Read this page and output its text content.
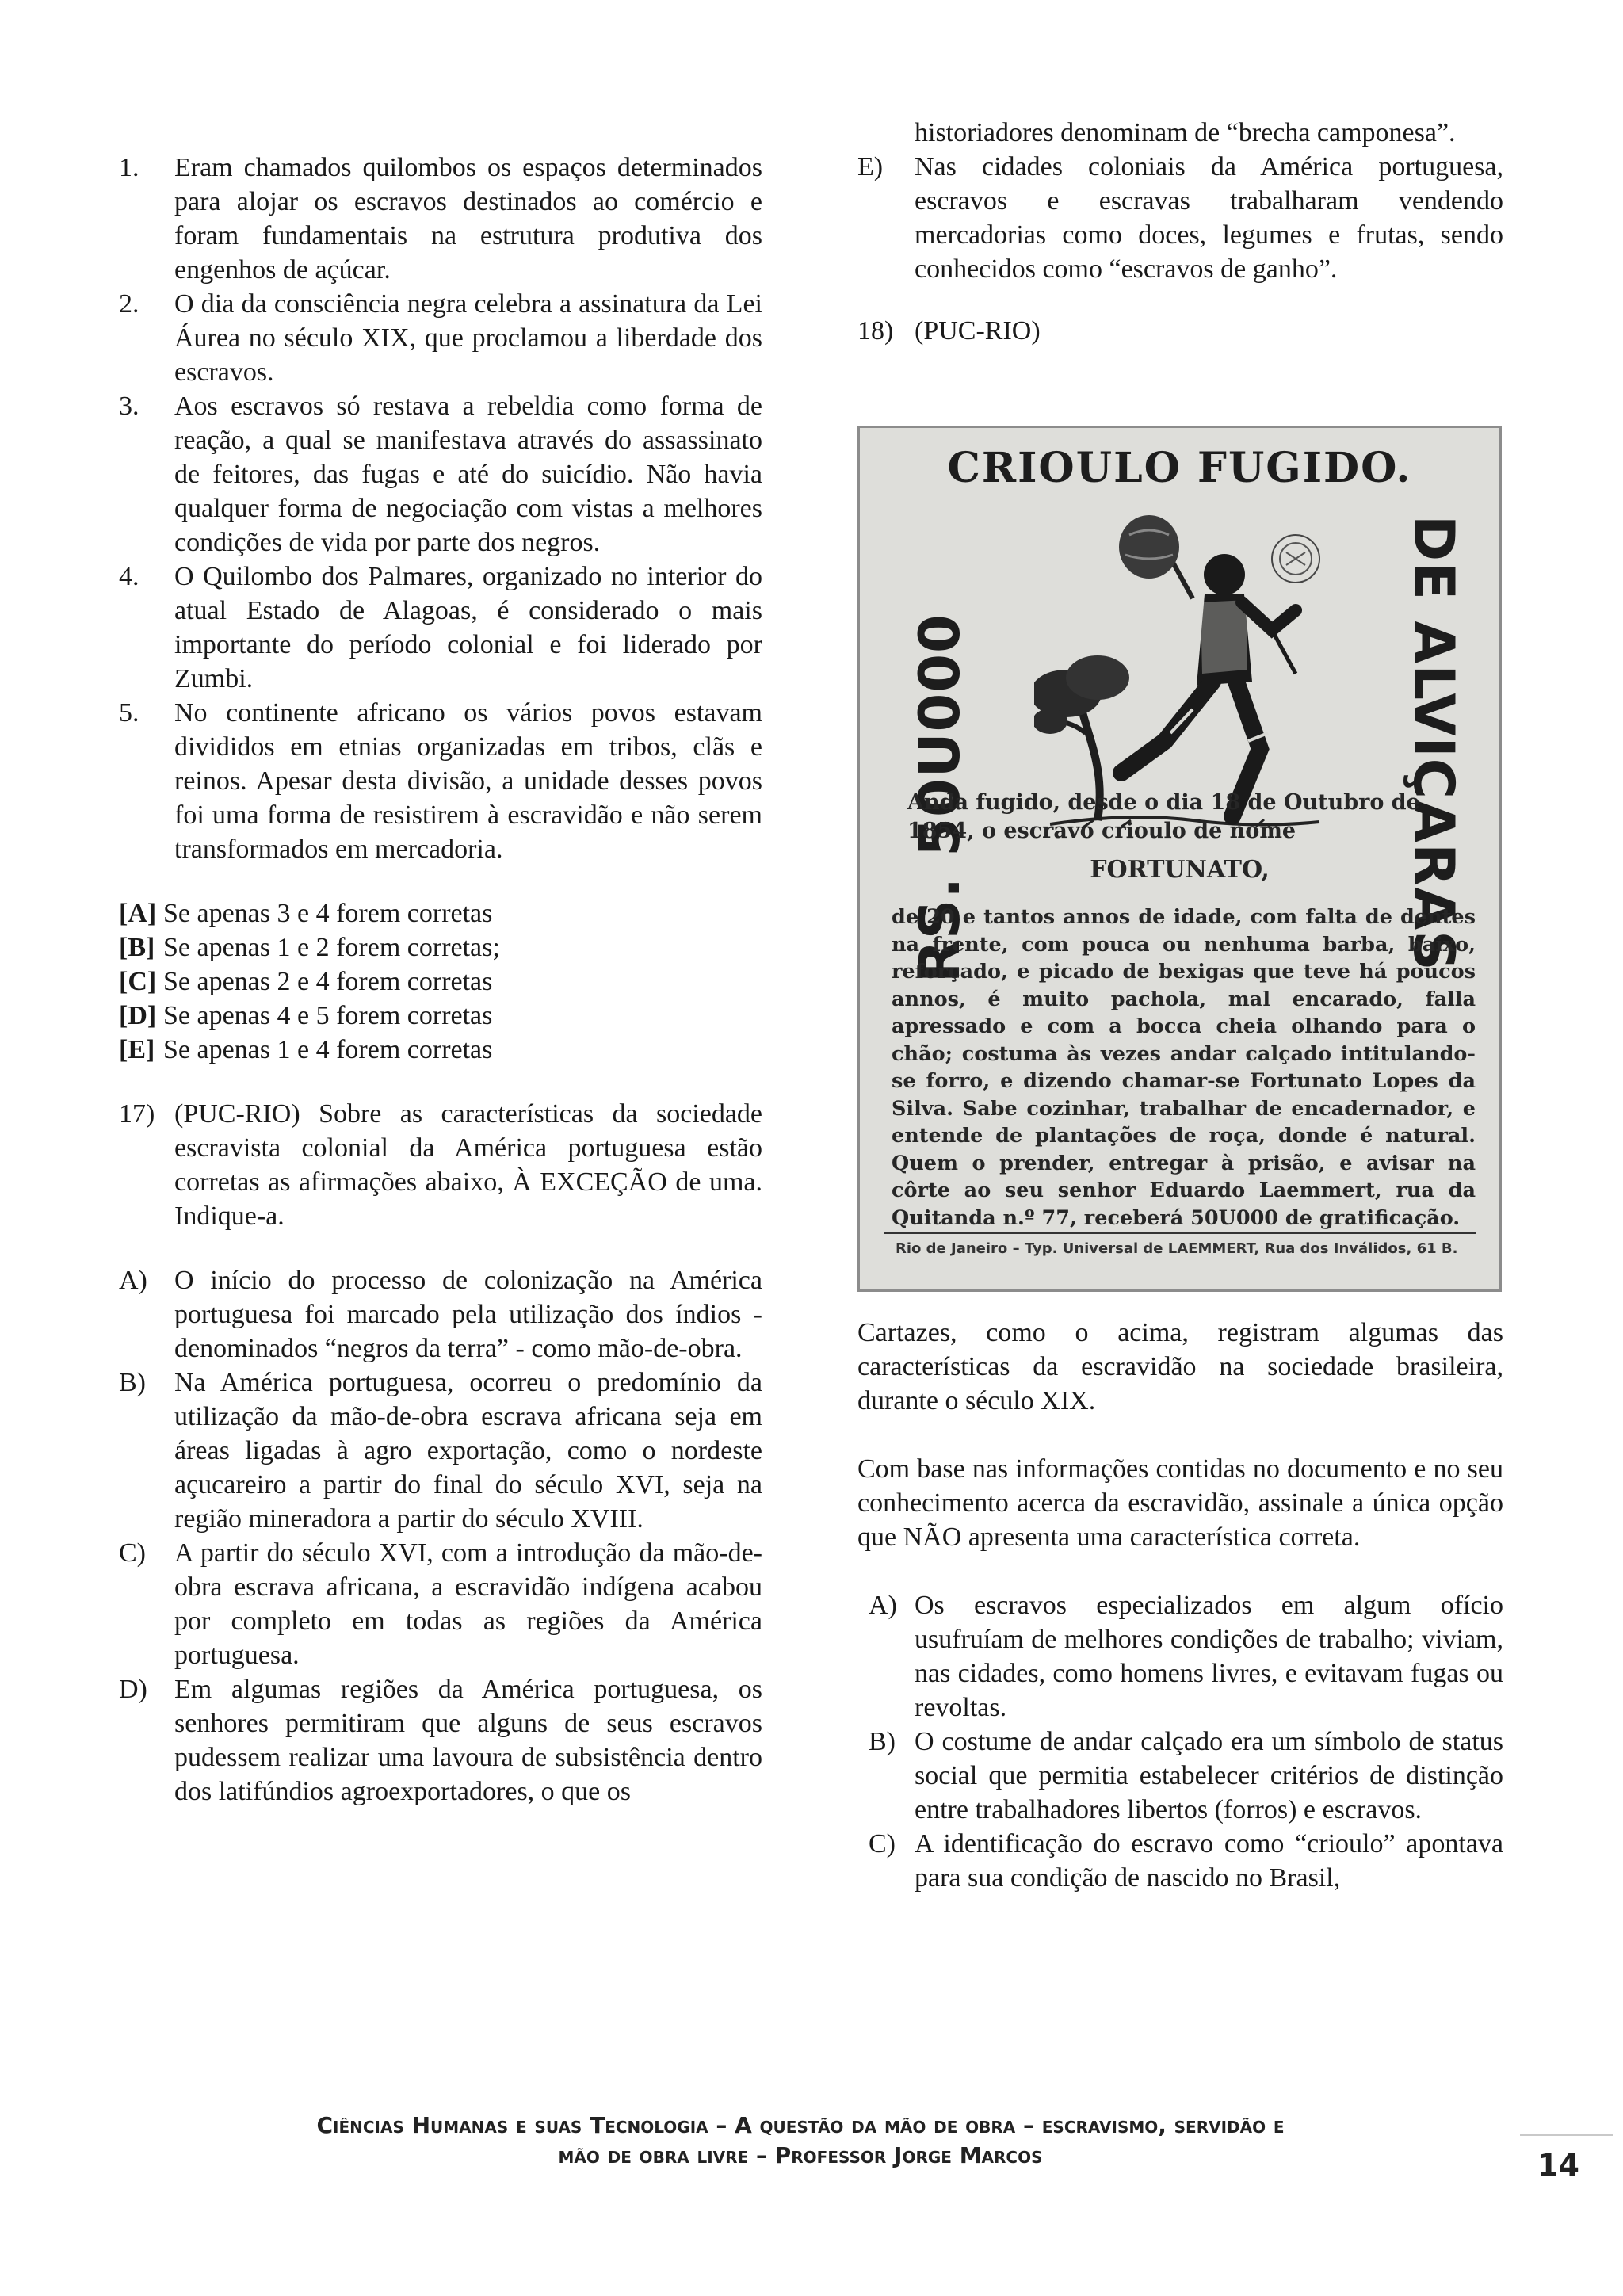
1.	Eram chamados quilombos os espaços determinados para alojar os escravos destinados ao comércio e foram fundamentais na estrutura produtiva dos engenhos de açúcar.
2.	O dia da consciência negra celebra a assinatura da Lei Áurea no século XIX, que proclamou a liberdade dos escravos.
3.	Aos escravos só restava a rebeldia como forma de reação, a qual se manifestava através do assassinato de feitores, das fugas e até do suicídio. Não havia qualquer forma de negociação com vistas a melhores condições de vida por parte dos negros.
4.	O Quilombo dos Palmares, organizado no interior do atual Estado de Alagoas, é considerado o mais importante do período colonial e foi liderado por Zumbi.
5.	No continente africano os vários povos estavam divididos em etnias organizadas em tribos, clãs e reinos. Apesar desta divisão, a unidade desses povos foi uma forma de resistirem à escravidão e não serem transformados em mercadoria.
[A] Se apenas 3 e 4 forem corretas
[B] Se apenas 1 e 2 forem corretas;
[C] Se apenas 2 e 4 forem corretas
[D] Se apenas 4 e 5 forem corretas
[E] Se apenas 1 e 4 forem corretas
17) (PUC-RIO) Sobre as características da sociedade escravista colonial da América portuguesa estão corretas as afirmações abaixo, À EXCEÇÃO de uma. Indique-a.
A)	O início do processo de colonização na América portuguesa foi marcado pela utilização dos índios - denominados “negros da terra” - como mão-de-obra.
B)	Na América portuguesa, ocorreu o predomínio da utilização da mão-de-obra escrava africana seja em áreas ligadas à agro exportação, como o nordeste açucareiro a partir do final do século XVI, seja na região mineradora a partir do século XVIII.
C)	A partir do século XVI, com a introdução da mão-de-obra escrava africana, a escravidão indígena acabou por completo em todas as regiões da América portuguesa.
D)	Em algumas regiões da América portuguesa, os senhores permitiram que alguns de seus escravos pudessem realizar uma lavoura de subsistência dentro dos latifúndios agroexportadores, o que os
historiadores denominam de “brecha camponesa”.
E)	Nas cidades coloniais da América portuguesa, escravos e escravas trabalharam vendendo mercadorias como doces, legumes e frutas, sendo conhecidos como “escravos de ganho”.
18) (PUC-RIO)
CRIOULO FUGIDO.
RS. 50U000	DE ALVIÇARAS
Anda fugido, desde o dia 18 de Outubro de 1854, o escravo crioulo de nome
FORTUNATO,
de 20 e tantos annos de idade, com falta de dentes na frente, com pouca ou nenhuma barba, baixo, reforçado, e picado de bexigas que teve há poucos annos, é muito pachola, mal encarado, falla apressado e com a bocca cheia olhando para o chão; costuma às vezes andar calçado intitulando-se forro, e dizendo chamar-se Fortunato Lopes da Silva. Sabe cozinhar, trabalhar de encadernador, e entende de plantações de roça, donde é natural. Quem o prender, entregar à prisão, e avisar na côrte ao seu senhor Eduardo Laemmert, rua da Quitanda n.º 77, receberá 50U000 de gratificação.
Rio de Janeiro – Typ. Universal de LAEMMERT, Rua dos Inválidos, 61 B.
Cartazes, como o acima, registram algumas das características da escravidão na sociedade brasileira, durante o século XIX.
Com base nas informações contidas no documento e no seu conhecimento acerca da escravidão, assinale a única opção que NÃO apresenta uma característica correta.
A) Os escravos especializados em algum ofício usufruíam de melhores condições de trabalho; viviam, nas cidades, como homens livres, e evitavam fugas ou revoltas.
B) O costume de andar calçado era um símbolo de status social que permitia estabelecer critérios de distinção entre trabalhadores libertos (forros) e escravos.
C) A identificação do escravo como “crioulo” apontava para sua condição de nascido no Brasil,
Ciências Humanas e suas Tecnologia – A questão da mão de obra – escravismo, servidão e
mão de obra livre – Professor Jorge Marcos	14
